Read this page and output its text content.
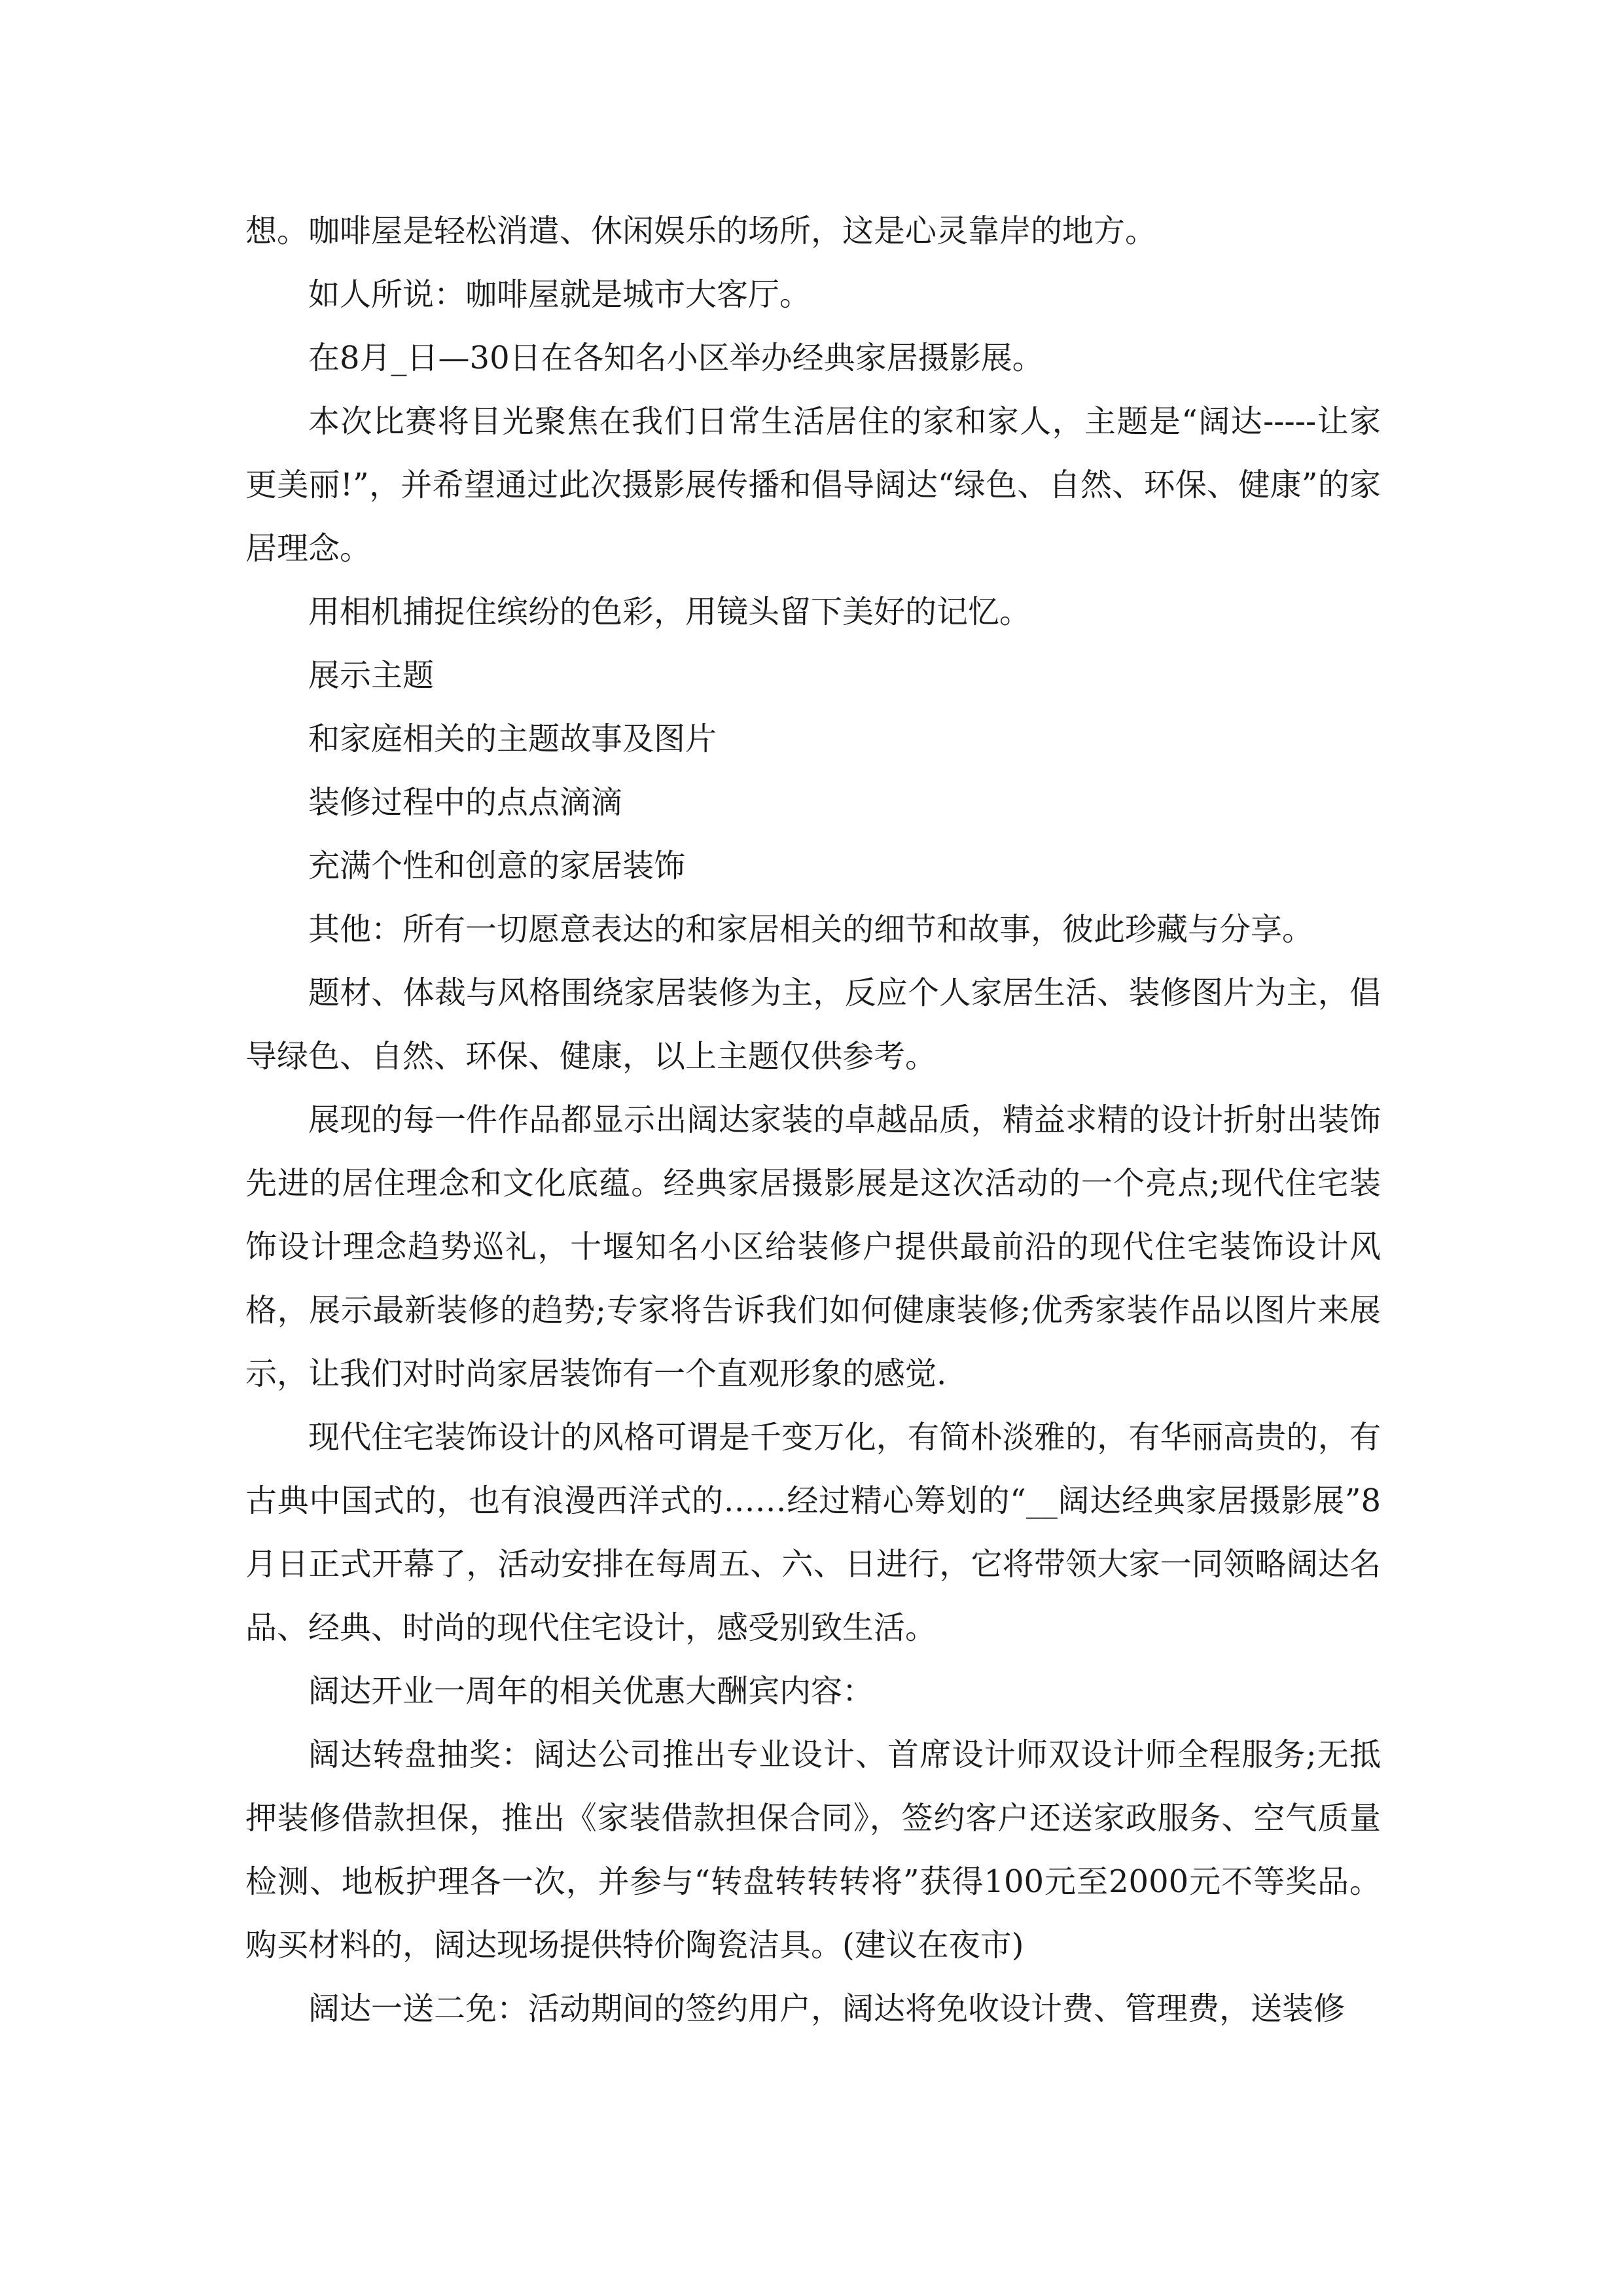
想。咖啡屋是轻松消遣、休闲娱乐的场所，这是心灵靠岸的地方。

如人所说：咖啡屋就是城市大客厅。

在8月_日—30日在各知名小区举办经典家居摄影展。

本次比赛将目光聚焦在我们日常生活居住的家和家人，主题是“阔达-----让家更美丽!”，并希望通过此次摄影展传播和倡导阔达“绿色、自然、环保、健康”的家居理念。

用相机捕捉住缤纷的色彩，用镜头留下美好的记忆。

展示主题

和家庭相关的主题故事及图片

装修过程中的点点滴滴

充满个性和创意的家居装饰

其他：所有一切愿意表达的和家居相关的细节和故事，彼此珍藏与分享。

题材、体裁与风格围绕家居装修为主，反应个人家居生活、装修图片为主，倡导绿色、自然、环保、健康，以上主题仅供参考。

展现的每一件作品都显示出阔达家装的卓越品质，精益求精的设计折射出装饰先进的居住理念和文化底蕴。经典家居摄影展是这次活动的一个亮点;现代住宅装饰设计理念趋势巡礼，十堰知名小区给装修户提供最前沿的现代住宅装饰设计风格，展示最新装修的趋势;专家将告诉我们如何健康装修;优秀家装作品以图片来展示，让我们对时尚家居装饰有一个直观形象的感觉.

现代住宅装饰设计的风格可谓是千变万化，有简朴淡雅的，有华丽高贵的，有古典中国式的，也有浪漫西洋式的……经过精心筹划的“__阔达经典家居摄影展”8月日正式开幕了，活动安排在每周五、六、日进行，它将带领大家一同领略阔达名品、经典、时尚的现代住宅设计，感受别致生活。

阔达开业一周年的相关优惠大酬宾内容：

阔达转盘抽奖：阔达公司推出专业设计、首席设计师双设计师全程服务;无抵押装修借款担保，推出《家装借款担保合同》，签约客户还送家政服务、空气质量检测、地板护理各一次，并参与“转盘转转转将”获得100元至2000元不等奖品。购买材料的，阔达现场提供特价陶瓷洁具。(建议在夜市)

阔达一送二免：活动期间的签约用户，阔达将免收设计费、管理费，送装修
